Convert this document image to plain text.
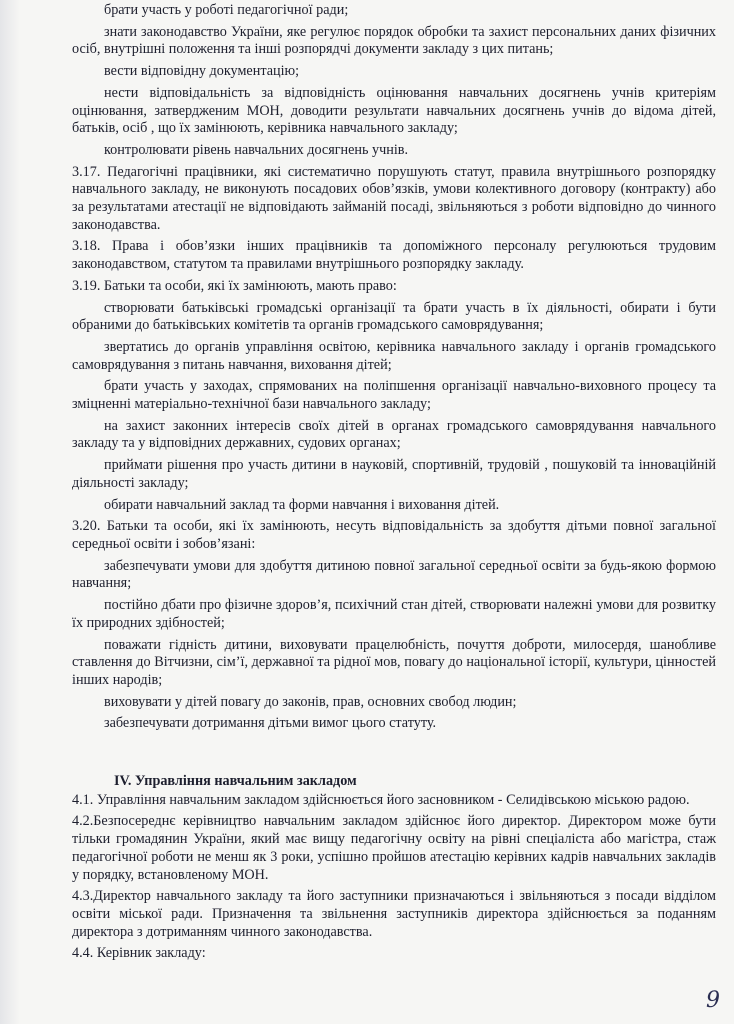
брати участь у роботі педагогічної ради;

знати законодавство України, яке регулює порядок обробки та захист персональних даних фізичних осіб, внутрішні положення та інші розпорядчі документи закладу з цих питань;

вести відповідну документацію;

нести відповідальність за відповідність оцінювання навчальних досягнень учнів критеріям оцінювання, затвердженим МОН, доводити результати навчальних досягнень учнів до відома дітей, батьків, осіб , що їх замінюють, керівника навчального закладу;

контролювати рівень навчальних досягнень учнів.

3.17. Педагогічні працівники, які систематично порушують статут, правила внутрішнього розпорядку навчального закладу, не виконують посадових обов’язків, умови колективного договору (контракту) або за результатами атестації не відповідають займаній посаді, звільняються з роботи відповідно до чинного законодавства.

3.18. Права і обов’язки інших працівників та допоміжного персоналу регулюються трудовим законодавством, статутом та правилами внутрішнього розпорядку закладу.

3.19. Батьки та особи, які їх замінюють, мають право:

створювати батьківські громадські організації та брати участь в їх діяльності, обирати і бути обраними до батьківських комітетів та органів громадського самоврядування;

звертатись до органів управління освітою, керівника навчального закладу і органів громадського самоврядування з питань навчання, виховання дітей;

брати участь у заходах, спрямованих на поліпшення організації навчально-виховного процесу та зміцненні матеріально-технічної бази навчального закладу;

на захист законних інтересів своїх дітей в органах громадського самоврядування навчального закладу та у відповідних державних, судових органах;

приймати рішення про участь дитини в науковій, спортивній, трудовій , пошуковій та інноваційній діяльності закладу;

обирати навчальний заклад та форми навчання і виховання дітей.

3.20. Батьки та особи, які їх замінюють, несуть відповідальність за здобуття дітьми повної загальної середньої освіти і зобов’язані:

забезпечувати умови для здобуття дитиною повної загальної середньої освіти за будь-якою формою навчання;

постійно дбати про фізичне здоров’я, психічний стан дітей, створювати належні умови для розвитку їх природних здібностей;

поважати гідність дитини, виховувати працелюбність, почуття доброти, милосердя, шанобливе ставлення до Вітчизни, сім’ї, державної та рідної мов, повагу до національної історії, культури, цінностей інших народів;

виховувати у дітей повагу до законів, прав, основних свобод людин;

забезпечувати дотримання дітьми вимог цього статуту.

IV. Управління навчальним закладом

4.1. Управління навчальним закладом здійснюється його засновником - Селидівською міською радою.

4.2.Безпосереднє керівництво навчальним закладом здійснює його директор. Директором може бути тільки громадянин України, який має вищу педагогічну освіту на рівні спеціаліста або магістра, стаж педагогічної роботи не менш як 3 роки, успішно пройшов атестацію керівних кадрів навчальних закладів у порядку, встановленому МОН.

4.3.Директор навчального закладу та його заступники призначаються і звільняються з посади відділом освіти міської ради. Призначення та звільнення заступників директора здійснюється за поданням директора з дотриманням чинного законодавства.

4.4. Керівник закладу:

9
